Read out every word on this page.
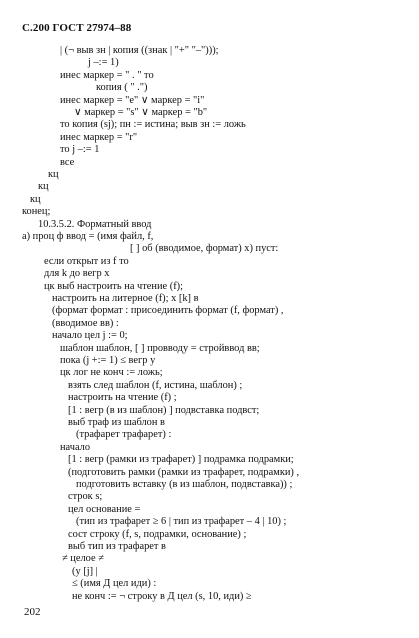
С.200 ГОСТ 27974–88
| (¬ выв зн | копия ((знак | "+" "–")));
j –:= 1)
инес маркер = " . " то
копия ( " .")
инес маркер = "е" ∨ маркер = "i"
∨ маркер = "s" ∨ маркер = "b"
то копия (sj); пн := истина; выв зн := ложь
инес маркер = "r"
то j –:= 1
все
кц
кц
кц
конец;
10.3.5.2. Форматный ввод
а) проц ф ввод = (имя файл, f,
[ ] об (вводимое, формат) x) пуст:
если открыт из f то
для k до вегр x
цк выб настроить на чтение (f);
настроить на литерное (f); x [k] в
(формат формат : присоединить формат (f, формат) ,
(вводимое вв) :
начало цел j := 0;
шаблон шаблон, [ ] провводу = стройввод вв;
пока (j +:= 1) ≤ вегр у
цк лог не конч := ложь;
взять след шаблон (f, истина, шаблон) ;
настроить на чтение (f) ;
[1 : вегр (в из шаблон) ] подвставка подвст;
выб траф из шаблон в
(трафарет трафарет) :
начало
[1 : вегр (рамки из трафарет) ] подрамка подрамки;
(подготовить рамки (рамки из трафарет, подрамки) ,
подготовить вставку (в из шаблон, подвставка)) ;
строк s;
цел основание =
(тип из трафарет ≥ 6 | тип из трафарет – 4 | 10) ;
сост строку (f, s, подрамки, основание) ;
выб тип из трафарет в
≠ целое ≠
(у [j] |
≤ (имя Д цел иди) :
не конч := ¬ строку в Д цел (s, 10, иди) ≥
202
